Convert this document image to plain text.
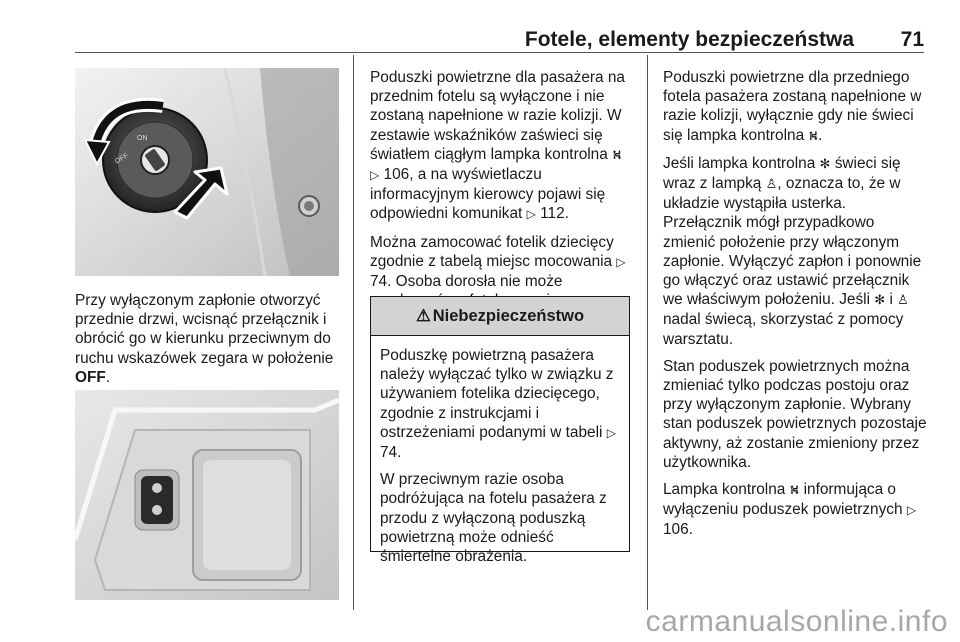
Fotele, elementy bezpieczeństwa 71
ON
OFF

Przy wyłączonym zapłonie otworzyć przednie drzwi, wcisnąć przełącznik i obrócić go w kierunku przeciwnym do ruchu wskazówek zegara w położenie OFF.

Poduszki powietrzne dla pasażera na przednim fotelu są wyłączone i nie zostaną napełnione w razie kolizji. W zestawie wskaźników zaświeci się światłem ciągłym lampka kontrolna ⛕ ▷ 106, a na wyświetlaczu informacyjnym kierowcy pojawi się odpowiedni komunikat ▷ 112.

Można zamocować fotelik dziecięcy zgodnie z tabelą miejsc mocowania ▷ 74. Osoba dorosła nie może

⚠ Niebezpieczeństwo

Poduszkę powietrzną pasażera należy wyłączać tylko w związku z używaniem fotelika dziecięcego, zgodnie z instrukcjami i ostrzeżeniami podanymi w tabeli ▷ 74.

W przeciwnym razie osoba podróżująca na fotelu pasażera z przodu z wyłączoną poduszką powietrzną może odnieść śmiertelne obrażenia.

Poduszki powietrzne dla przedniego fotela pasażera zostaną napełnione w razie kolizji, wyłącznie gdy nie świeci się lampka kontrolna ⛕.

Jeśli lampka kontrolna ✻ świeci się wraz z lampką ♙, oznacza to, że w układzie wystąpiła usterka. Przełącznik mógł przypadkowo zmienić położenie przy włączonym zapłonie. Wyłączyć zapłon i ponownie go włączyć oraz ustawić przełącznik we właściwym położeniu. Jeśli ✻ i ♙ nadal świecą, skorzystać z pomocy warsztatu.

Stan poduszek powietrznych można zmieniać tylko podczas postoju oraz przy wyłączonym zapłonie. Wybrany stan poduszek powietrznych pozostaje aktywny, aż zostanie zmieniony przez użytkownika.

Lampka kontrolna ⛕ informująca o wyłączeniu poduszek powietrznych ▷ 106.

carmanualsonline.info
